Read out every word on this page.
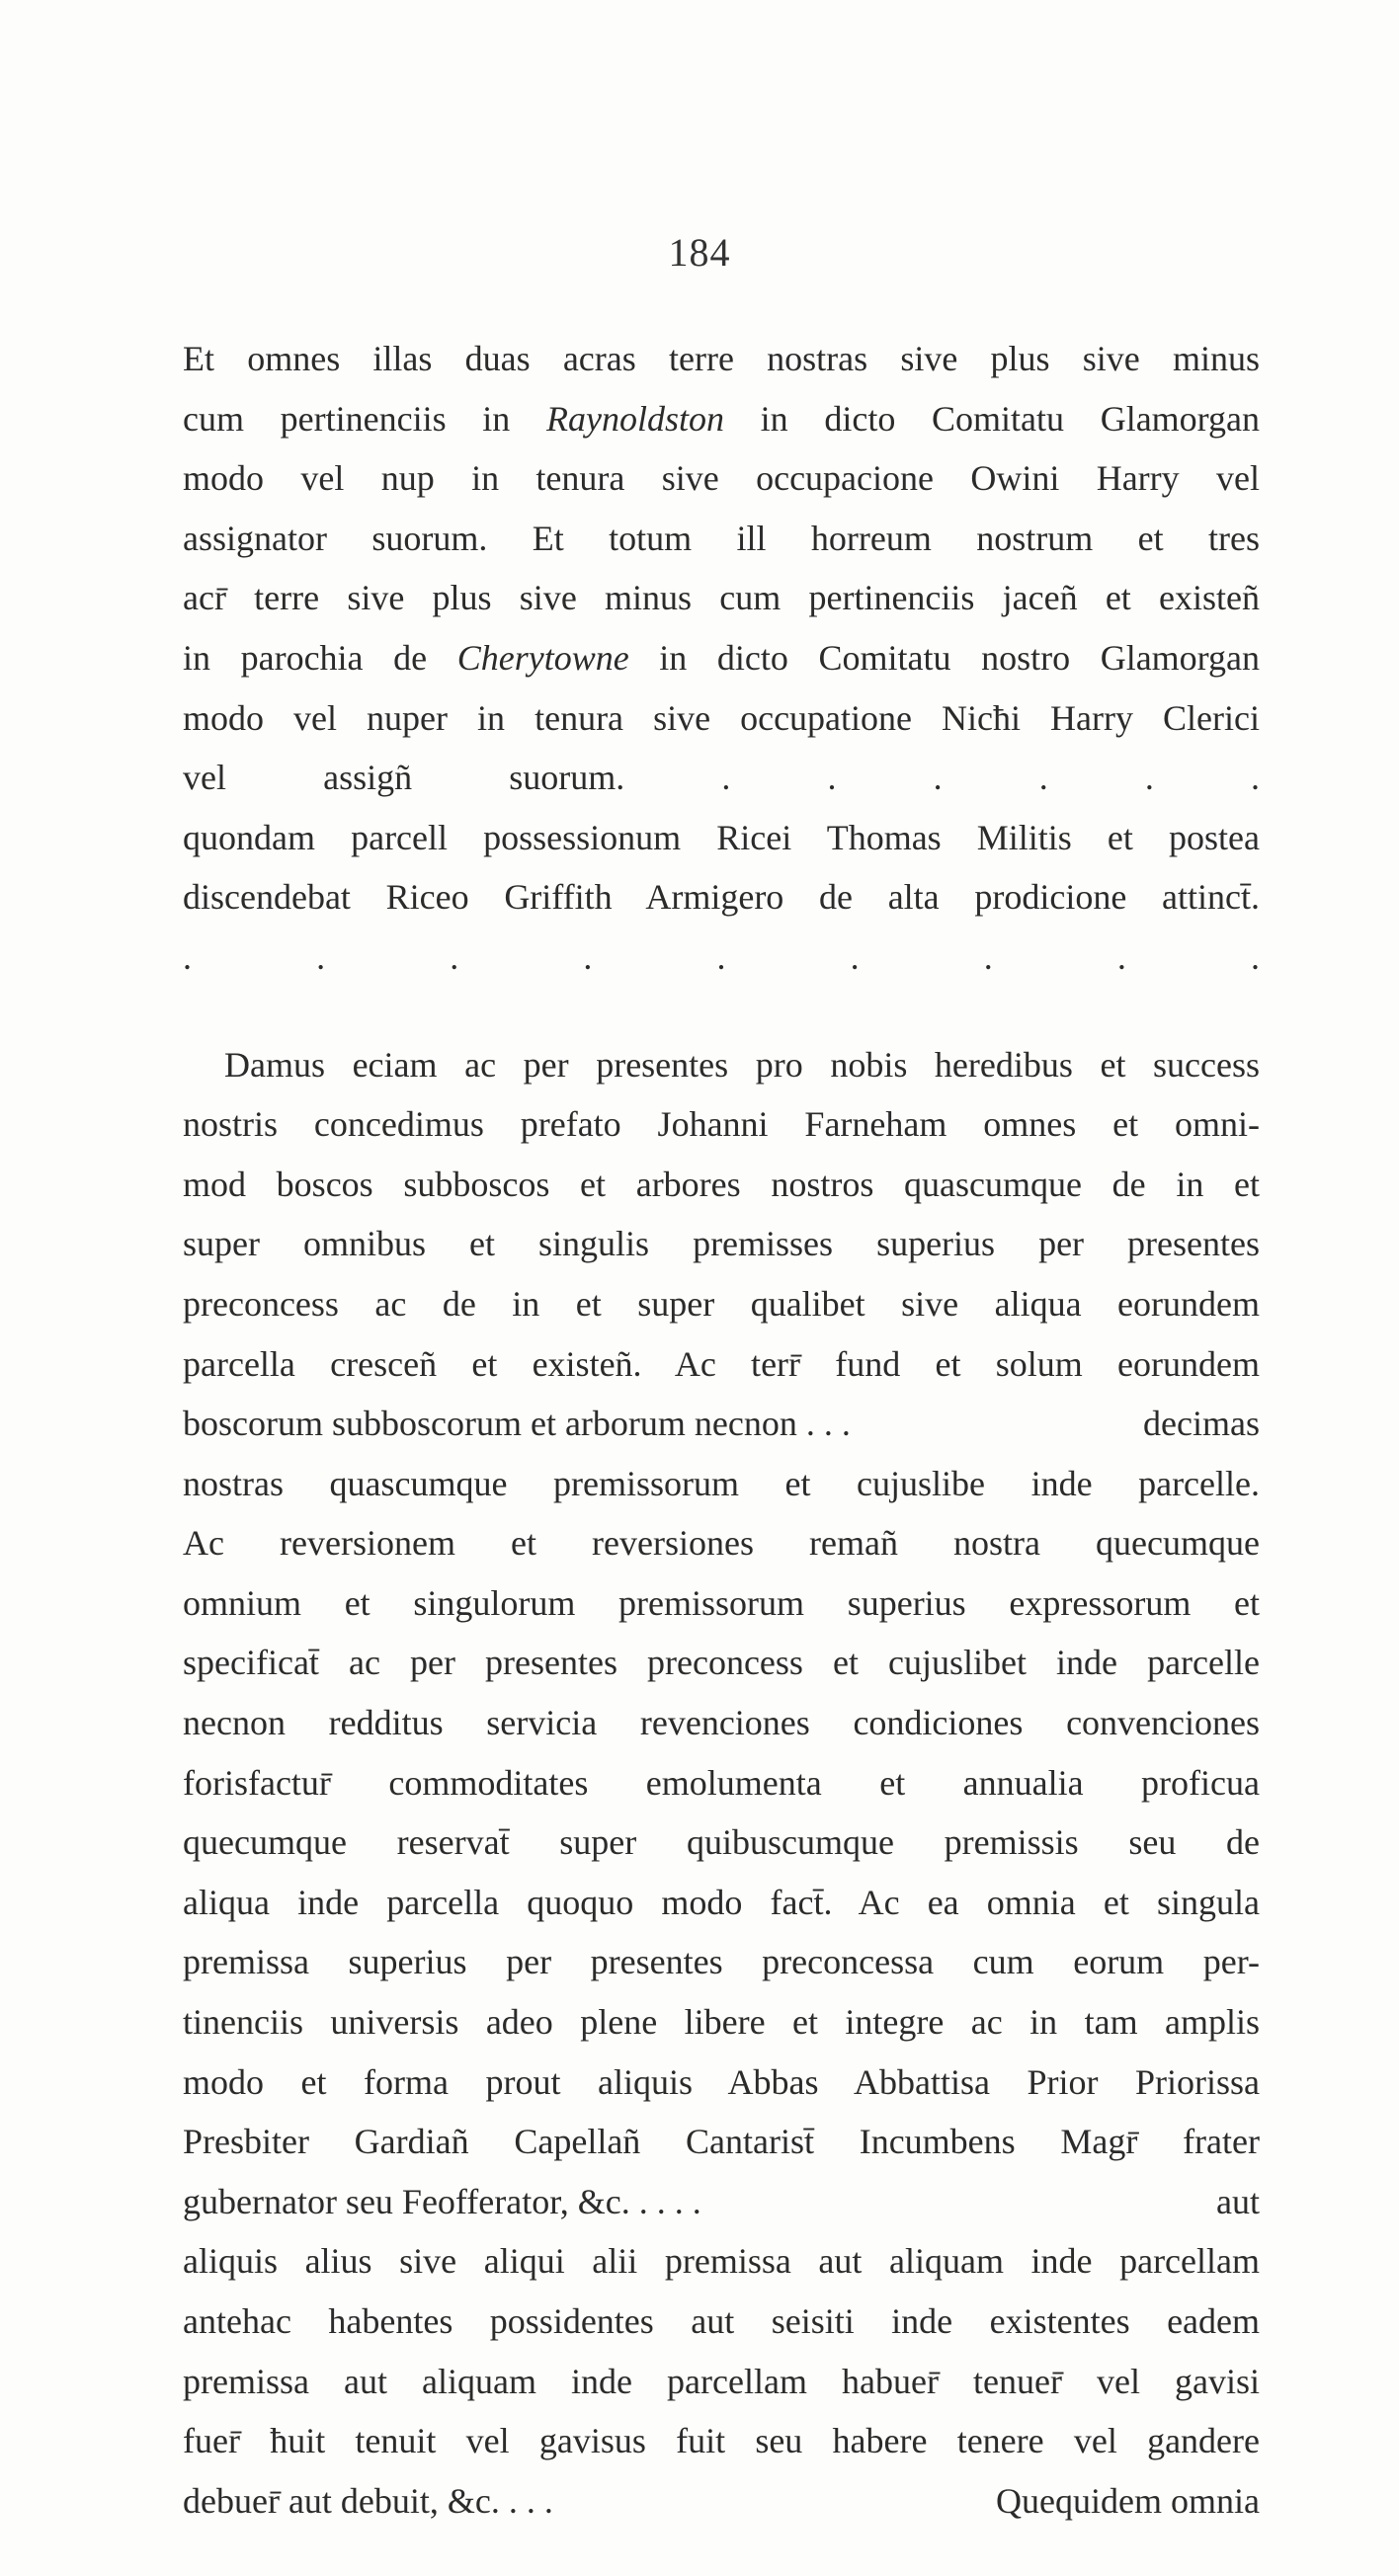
184
Et omnes illas duas acras terre nostras sive plus sive minus
cum pertinenciis in Raynoldston in dicto Comitatu Glamorgan
modo vel nup in tenura sive occupacione Owini Harry vel
assignator suorum. Et totum ill horreum nostrum et tres
acr̄ terre sive plus sive minus cum pertinenciis jaceñ et existeñ
in parochia de Cherytowne in dicto Comitatu nostro Glamorgan
modo vel nuper in tenura sive occupatione Nicħi Harry Clerici
vel assigñ suorum. . . . . . .
quondam parcell possessionum Ricei Thomas Militis et postea
discendebat Riceo Griffith Armigero de alta prodicione attinct̄.
. . . . . . . . .
Damus eciam ac per presentes pro nobis heredibus et success
nostris concedimus prefato Johanni Farneham omnes et omni-
mod boscos subboscos et arbores nostros quascumque de in et
super omnibus et singulis premisses superius per presentes
preconcess ac de in et super qualibet sive aliqua eorundem
parcella cresceñ et existeñ. Ac terr̄ fund et solum eorundem
boscorum subboscorum et arborum necnon . . .	decimas
nostras quascumque premissorum et cujuslibe inde parcelle.
Ac reversionem et reversiones remañ nostra quecumque
omnium et singulorum premissorum superius expressorum et
specificat̄ ac per presentes preconcess et cujuslibet inde parcelle
necnon redditus servicia revenciones condiciones convenciones
forisfactur̄ commoditates emolumenta et annualia proficua
quecumque reservat̄ super quibuscumque premissis seu de
aliqua inde parcella quoquo modo fact̄. Ac ea omnia et singula
premissa superius per presentes preconcessa cum eorum per-
tinenciis universis adeo plene libere et integre ac in tam amplis
modo et forma prout aliquis Abbas Abbattisa Prior Priorissa
Presbiter Gardiañ Capellañ Cantarist̄ Incumbens Magr̄ frater
gubernator seu Feofferator, &c. . . . .	aut
aliquis alius sive aliqui alii premissa aut aliquam inde parcellam
antehac habentes possidentes aut seisiti inde existentes eadem
premissa aut aliquam inde parcellam habuer̄ tenuer̄ vel gavisi
fuer̄ ħuit tenuit vel gavisus fuit seu habere tenere vel gandere
debuer̄ aut debuit, &c. . . .	Quequidem omnia
